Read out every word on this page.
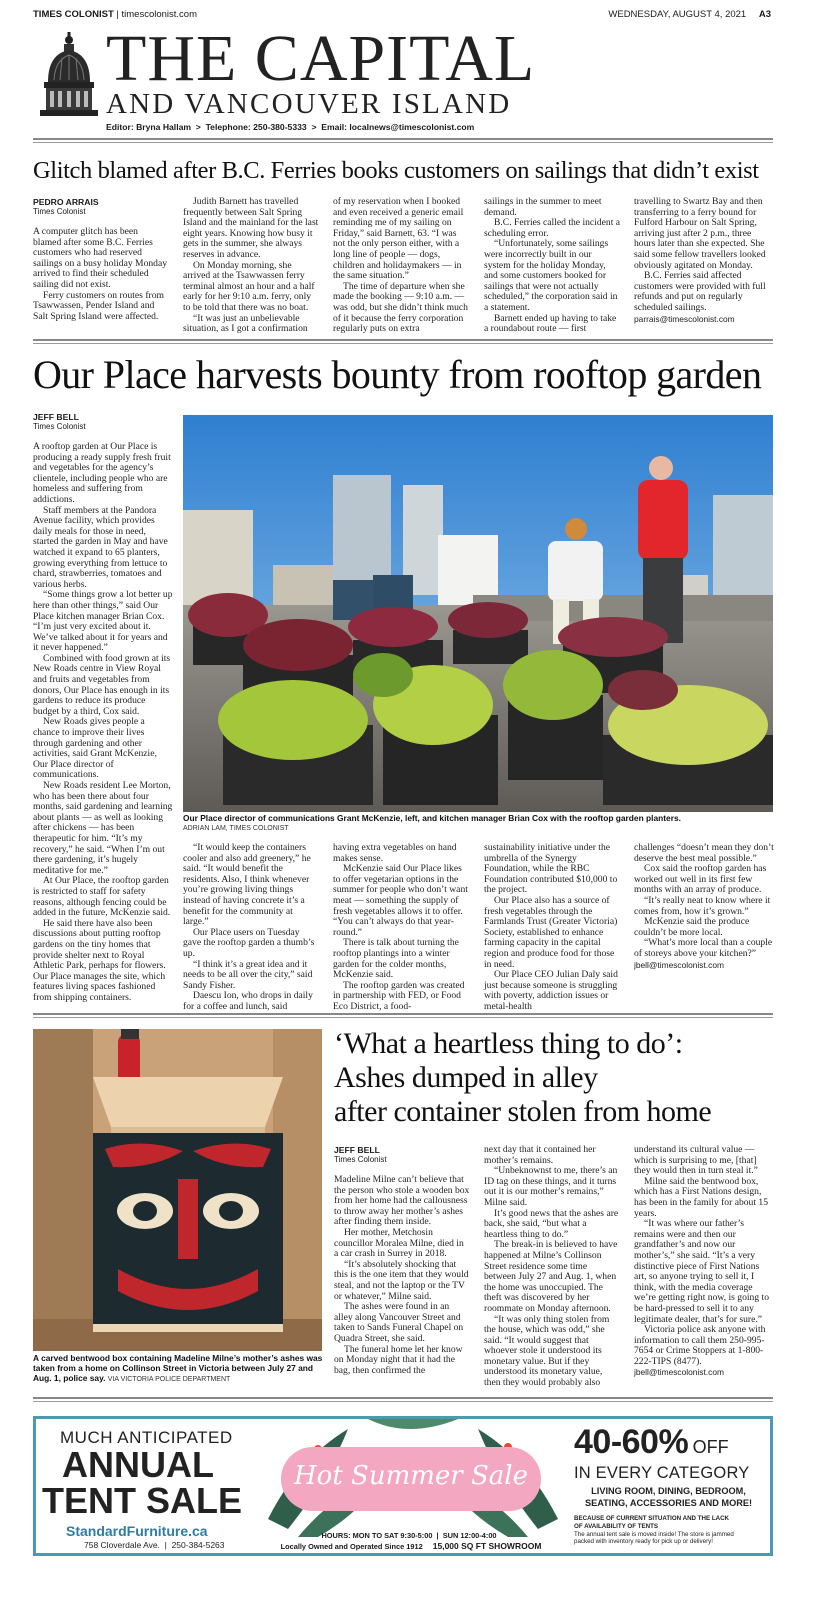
TIMES COLONIST | timescolonist.com	WEDNESDAY, AUGUST 4, 2021 A3
THE CAPITAL
AND VANCOUVER ISLAND
Editor: Bryna Hallam  >  Telephone: 250-380-5333  >  Email: localnews@timescolonist.com
Glitch blamed after B.C. Ferries books customers on sailings that didn’t exist
PEDRO ARRAIS
Times Colonist

A computer glitch has been blamed after some B.C. Ferries customers who had reserved sailings on a busy holiday Monday arrived to find their scheduled sailing did not exist.

Ferry customers on routes from Tsawwassen, Pender Island and Salt Spring Island were affected.

Judith Barnett has travelled frequently between Salt Spring Island and the mainland for the last eight years. Knowing how busy it gets in the summer, she always reserves in advance.

On Monday morning, she arrived at the Tsawwassen ferry terminal almost an hour and a half early for her 9:10 a.m. ferry, only to be told that there was no boat.

“It was just an unbelievable situation, as I got a confirmation

of my reservation when I booked and even received a generic email reminding me of my sailing on Friday,” said Barnett, 63. “I was not the only person either, with a long line of people — dogs, children and holidaymakers — in the same situation.”

The time of departure when she made the booking — 9:10 a.m. — was odd, but she didn’t think much of it because the ferry corporation regularly puts on extra

sailings in the summer to meet demand.

B.C. Ferries called the incident a scheduling error.

“Unfortunately, some sailings were incorrectly built in our system for the holiday Monday, and some customers booked for sailings that were not actually scheduled,” the corporation said in a statement.

Barnett ended up having to take a roundabout route — first

travelling to Swartz Bay and then transferring to a ferry bound for Fulford Harbour on Salt Spring, arriving just after 2 p.m., three hours later than she expected. She said some fellow travellers looked obviously agitated on Monday.

B.C. Ferries said affected customers were provided with full refunds and put on regularly scheduled sailings.

parrais@timescolonist.com
Our Place harvests bounty from rooftop garden
JEFF BELL
Times Colonist

A rooftop garden at Our Place is producing a ready supply fresh fruit and vegetables for the agency’s clientele, including people who are homeless and suffering from addictions.

Staff members at the Pandora Avenue facility, which provides daily meals for those in need, started the garden in May and have watched it expand to 65 planters, growing everything from lettuce to chard, strawberries, tomatoes and various herbs.

“Some things grow a lot better up here than other things,” said Our Place kitchen manager Brian Cox. “I’m just very excited about it. We’ve talked about it for years and it never happened.”

Combined with food grown at its New Roads centre in View Royal and fruits and vegetables from donors, Our Place has enough in its gardens to reduce its produce budget by a third, Cox said.

New Roads gives people a chance to improve their lives through gardening and other activities, said Grant McKenzie, Our Place director of communications.

New Roads resident Lee Morton, who has been there about four months, said gardening and learning about plants — as well as looking after chickens — has been therapeutic for him. “It’s my recovery,” he said. “When I’m out there gardening, it’s hugely meditative for me.”

At Our Place, the rooftop garden is restricted to staff for safety reasons, although fencing could be added in the future, McKenzie said.

He said there have also been discussions about putting rooftop gardens on the tiny homes that provide shelter next to Royal Athletic Park, perhaps for flowers. Our Place manages the site, which features living spaces fashioned from shipping containers.

Our Place director of communications Grant McKenzie, left, and kitchen manager Brian Cox with the rooftop garden planters.
ADRIAN LAM, TIMES COLONIST

“It would keep the containers cooler and also add greenery,” he said. “It would benefit the residents. Also, I think whenever you’re growing living things instead of having concrete it’s a benefit for the community at large.”

Our Place users on Tuesday gave the rooftop garden a thumb’s up.

“I think it’s a great idea and it needs to be all over the city,” said Sandy Fisher.

Daescu Ion, who drops in daily for a coffee and lunch, said

having extra vegetables on hand makes sense.

McKenzie said Our Place likes to offer vegetarian options in the summer for people who don’t want meat — something the supply of fresh vegetables allows it to offer. “You can’t always do that year-round.”

There is talk about turning the rooftop plantings into a winter garden for the colder months, McKenzie said.

The rooftop garden was created in partnership with FED, or Food Eco District, a food-

sustainability initiative under the umbrella of the Synergy Foundation, while the RBC Foundation contributed $10,000 to the project.

Our Place also has a source of fresh vegetables through the Farmlands Trust (Greater Victoria) Society, established to enhance farming capacity in the capital region and produce food for those in need.

Our Place CEO Julian Daly said just because someone is struggling with poverty, addiction issues or metal-health

challenges “doesn’t mean they don’t deserve the best meal possible.”

Cox said the rooftop garden has worked out well in its first few months with an array of produce.

“It’s really neat to know where it comes from, how it’s grown.”

McKenzie said the produce couldn’t be more local.

“What’s more local than a couple of storeys above your kitchen?”

jbell@timescolonist.com
A carved bentwood box containing Madeline Milne’s mother’s ashes was taken from a home on Collinson Street in Victoria between July 27 and Aug. 1, police say. VIA VICTORIA POLICE DEPARTMENT
‘What a heartless thing to do’:
Ashes dumped in alley
after container stolen from home
JEFF BELL
Times Colonist

Madeline Milne can’t believe that the person who stole a wooden box from her home had the callousness to throw away her mother’s ashes after finding them inside.

Her mother, Metchosin councillor Moralea Milne, died in a car crash in Surrey in 2018.

“It’s absolutely shocking that this is the one item that they would steal, and not the laptop or the TV or whatever,” Milne said.

The ashes were found in an alley along Vancouver Street and taken to Sands Funeral Chapel on Quadra Street, she said.

The funeral home let her know on Monday night that it had the bag, then confirmed the

next day that it contained her mother’s remains.

“Unbeknownst to me, there’s an ID tag on these things, and it turns out it is our mother’s remains,” Milne said.

It’s good news that the ashes are back, she said, “but what a heartless thing to do.”

The break-in is believed to have happened at Milne’s Collinson Street residence some time between July 27 and Aug. 1, when the home was unoccupied. The theft was discovered by her roommate on Monday afternoon.

“It was only thing stolen from the house, which was odd,” she said. “It would suggest that whoever stole it understood its monetary value. But if they understood its monetary value, then they would probably also

understand its cultural value — which is surprising to me, [that] they would then in turn steal it.”

Milne said the bentwood box, which has a First Nations design, has been in the family for about 15 years.

“It was where our father’s remains were and then our grandfather’s and now our mother’s,” she said. “It’s a very distinctive piece of First Nations art, so anyone trying to sell it, I think, with the media coverage we’re getting right now, is going to be hard-pressed to sell it to any legitimate dealer, that’s for sure.”

Victoria police ask anyone with information to call them 250-995-7654 or Crime Stoppers at 1-800-222-TIPS (8477).

jbell@timescolonist.com
MUCH ANTICIPATED
ANNUAL
TENT SALE
StandardFurniture.ca
758 Cloverdale Ave.  |  250-384-5263
Hot Summer Sale
HOURS: MON TO SAT 9:30-5:00  |  SUN 12:00-4:00
Locally Owned and Operated Since 1912 15,000 SQ FT SHOWROOM
40-60% OFF
IN EVERY CATEGORY
LIVING ROOM, DINING, BEDROOM,
SEATING, ACCESSORIES AND MORE!
BECAUSE OF CURRENT SITUATION AND THE LACK
OF AVAILABILITY OF TENTS
The annual tent sale is moved inside! The store is jammed
packed with inventory ready for pick up or delivery!
